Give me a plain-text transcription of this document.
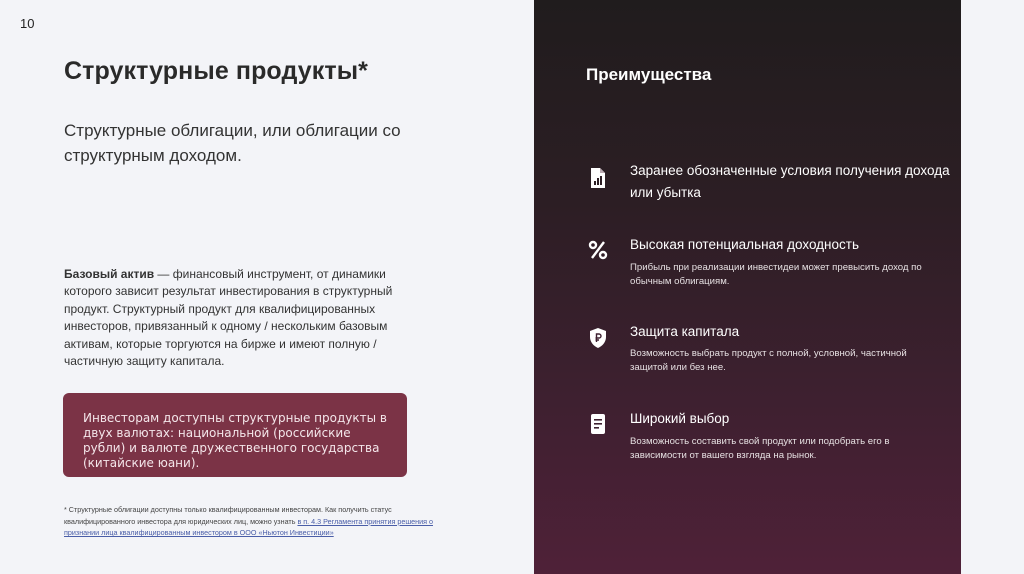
10
Структурные продукты*

Структурные облигации, или облигации со структурным доходом.

Базовый актив — финансовый инструмент, от динамики которого зависит результат инвестирования в структурный продукт. Структурный продукт для квалифицированных инвесторов, привязанный к одному / нескольким базовым активам, которые торгуются на бирже и имеют полную / частичную защиту капитала.

Инвесторам доступны структурные продукты в двух валютах: национальной (российские рубли) и валюте дружественного государства (китайские юани).

* Структурные облигации доступны только квалифицированным инвесторам. Как получить статус квалифицированного инвестора для юридических лиц, можно узнать в п. 4.3 Регламента принятия решения о признании лица квалифицированным инвестором в ООО «Ньютон Инвестиции»

Преимущества
Заранее обозначенные условия получения дохода или убытка
Высокая потенциальная доходность
Прибыль при реализации инвестидеи может превысить доход по обычным облигациям.
Защита капитала
Возможность выбрать продукт с полной, условной, частичной защитой или без нее.
Широкий выбор
Возможность составить свой продукт или подобрать его в зависимости от вашего взгляда на рынок.
